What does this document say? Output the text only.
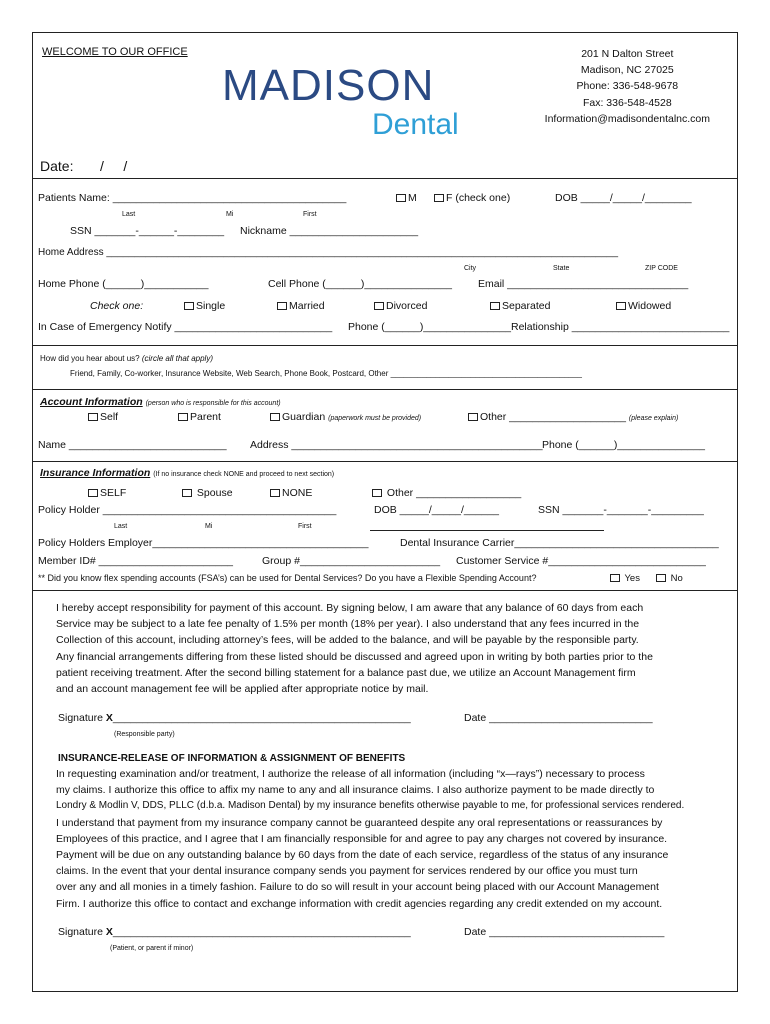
WELCOME TO OUR OFFICE
MADISON
Dental
201 N Dalton Street
Madison, NC 27025
Phone: 336-548-9678
Fax: 336-548-4528
Information@madisondentalnc.com
Date: /     /
Patients Name: ________________________________________	M	F (check one)	DOB _____/_____/________
Last	Mi	First
SSN _______-______-________ Nickname ______________________
Home Address ____________________________________________________________________________________________
City	State	ZIP CODE
Home Phone (______)___________	Cell Phone (______)_______________ Email _______________________________
Check one:	Single	Married	Divorced	Separated	Widowed
In Case of Emergency Notify ___________________________ Phone (______)_______________ Relationship ___________________________
How did you hear about us? (circle all that apply)
Friend, Family, Co-worker, Insurance Website, Web Search, Phone Book, Postcard, Other ___________________________________________
Account Information (person who is responsible for this account)
Self	Parent	Guardian (paperwork must be provided)	Other ____________________ (please explain)
Name ___________________________ Address ___________________________________________ Phone (______)_______________
Insurance Information (If no insurance check NONE and proceed to next section)
SELF	Spouse	NONE	Other __________________
Policy Holder ________________________________________	DOB _____/_____/______	SSN _______-_______-_________
Last	Mi	First
Policy Holders Employer_____________________________________	Dental Insurance Carrier___________________________________
Member ID# _______________________	Group #________________________ Customer Service #___________________________
** Did you know flex spending accounts (FSA’s) can be used for Dental Services? Do you have a Flexible Spending Account?	Yes	No
I hereby accept responsibility for payment of this account. By signing below, I am aware that any balance of 60 days from each
Service may be subject to a late fee penalty of 1.5% per month (18% per year). I also understand that any fees incurred in the
Collection of this account, including attorney’s fees, will be added to the balance, and will be payable by the responsible party.
Any financial arrangements differing from these listed should be discussed and agreed upon in writing by both parties prior to the
patient receiving treatment. After the second billing statement for a balance past due, we utilize an Account Management firm
and an account management fee will be applied after appropriate notice by mail.
Signature X___________________________________________________	Date ____________________________
(Responsible party)
INSURANCE-RELEASE OF INFORMATION & ASSIGNMENT OF BENEFITS
In requesting examination and/or treatment, I authorize the release of all information (including “x—rays”) necessary to process
my claims. I authorize this office to affix my name to any and all insurance claims. I also authorize payment to be made directly to
Londry & Modlin V, DDS, PLLC (d.b.a. Madison Dental) by my insurance benefits otherwise payable to me, for professional services rendered.
I understand that payment from my insurance company cannot be guaranteed despite any oral representations or reassurances by
Employees of this practice, and I agree that I am financially responsible for and agree to pay any charges not covered by insurance.
Payment will be due on any outstanding balance by 60 days from the date of each service, regardless of the status of any insurance
claims. In the event that your dental insurance company sends you payment for services rendered by our office you must turn
over any and all monies in a timely fashion. Failure to do so will result in your account being placed with our Account Management
Firm. I authorize this office to contact and exchange information with credit agencies regarding any credit extended on my account.
Signature X___________________________________________________	Date ______________________________
(Patient, or parent if minor)
